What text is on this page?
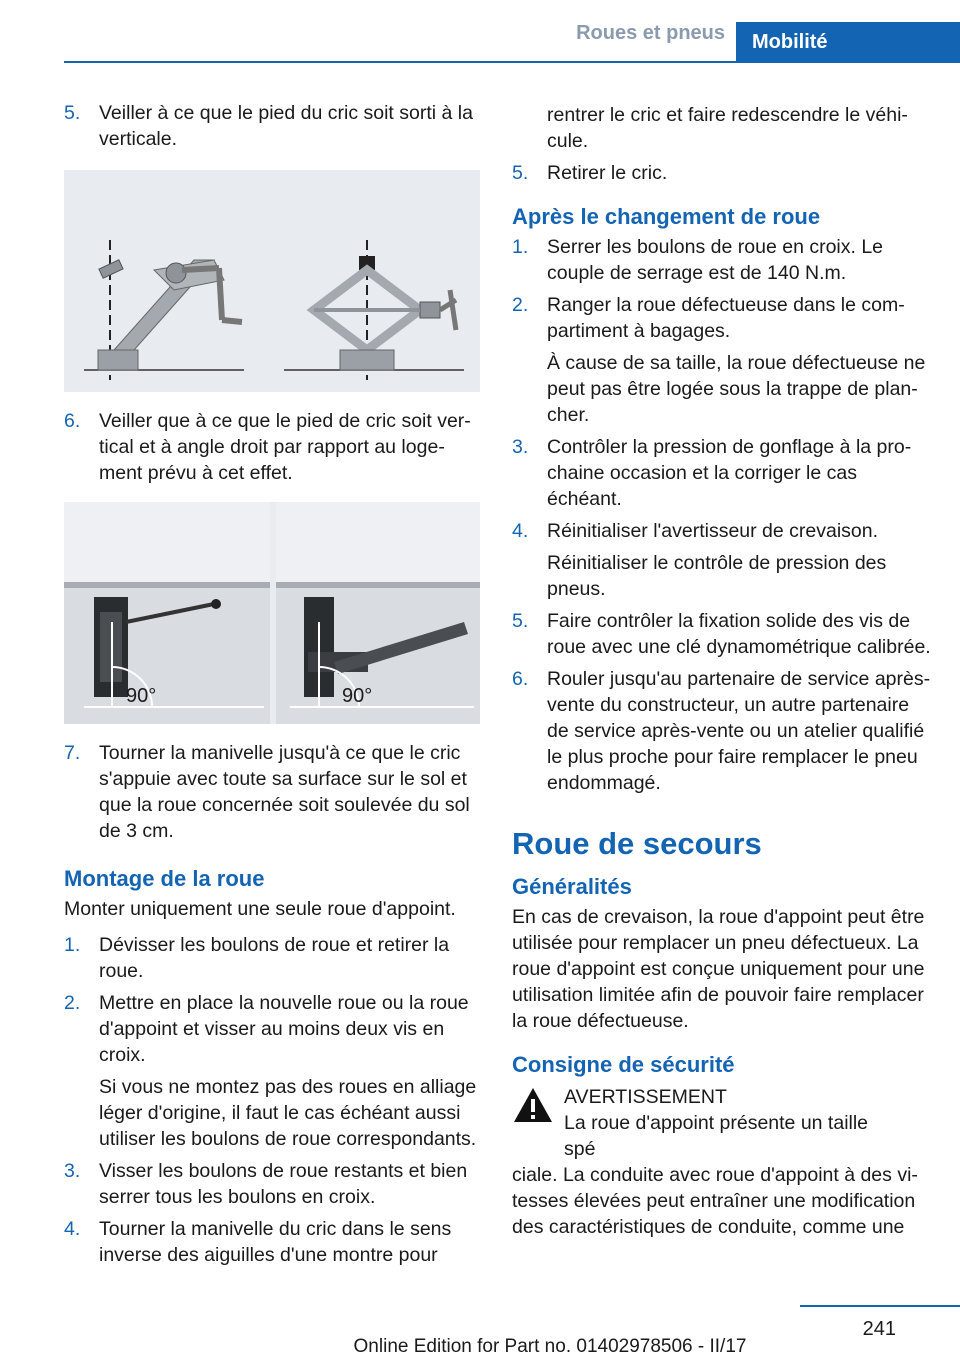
Roues et pneus	Mobilité
5. Veiller à ce que le pied du cric soit sorti à la verticale.
6. Veiller que à ce que le pied de cric soit vertical et à angle droit par rapport au logement prévu à cet effet.
90°	90°
7. Tourner la manivelle jusqu'à ce que le cric s'appuie avec toute sa surface sur le sol et que la roue concernée soit soulevée du sol de 3 cm.
Montage de la roue
Monter uniquement une seule roue d'appoint.
1. Dévisser les boulons de roue et retirer la roue.
2. Mettre en place la nouvelle roue ou la roue d'appoint et visser au moins deux vis en croix.
Si vous ne montez pas des roues en alliage léger d'origine, il faut le cas échéant aussi utiliser les boulons de roue correspondants.
3. Visser les boulons de roue restants et bien serrer tous les boulons en croix.
4. Tourner la manivelle du cric dans le sens inverse des aiguilles d'une montre pour
rentrer le cric et faire redescendre le véhicule.
5. Retirer le cric.
Après le changement de roue
1. Serrer les boulons de roue en croix. Le couple de serrage est de 140 N.m.
2. Ranger la roue défectueuse dans le compartiment à bagages.
À cause de sa taille, la roue défectueuse ne peut pas être logée sous la trappe de plancher.
3. Contrôler la pression de gonflage à la prochaine occasion et la corriger le cas échéant.
4. Réinitialiser l'avertisseur de crevaison.
Réinitialiser le contrôle de pression des pneus.
5. Faire contrôler la fixation solide des vis de roue avec une clé dynamométrique calibrée.
6. Rouler jusqu'au partenaire de service après-vente du constructeur, un autre partenaire de service après-vente ou un atelier qualifié le plus proche pour faire remplacer le pneu endommagé.
Roue de secours
Généralités
En cas de crevaison, la roue d'appoint peut être utilisée pour remplacer un pneu défectueux. La roue d'appoint est conçue uniquement pour une utilisation limitée afin de pouvoir faire remplacer la roue défectueuse.
Consigne de sécurité
AVERTISSEMENT
La roue d'appoint présente un taille spé
ciale. La conduite avec roue d'appoint à des vitesses élevées peut entraîner une modification des caractéristiques de conduite, comme une
241
Online Edition for Part no. 01402978506 - II/17
